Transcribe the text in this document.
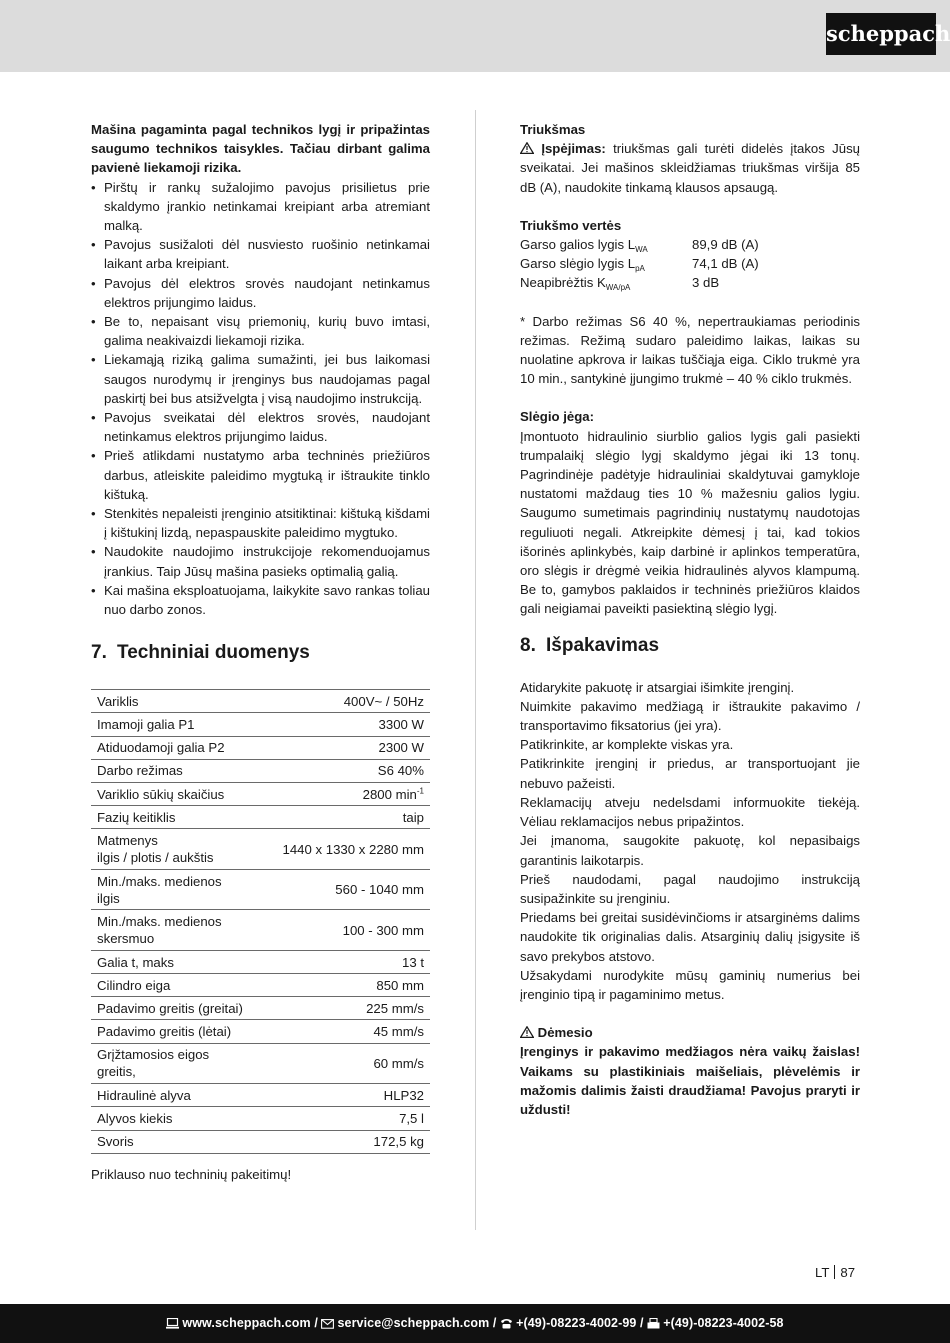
scheppach

Mašina pagaminta pagal technikos lygį ir pripažintas saugumo technikos taisykles. Tačiau dirbant galima pavienė liekamoji rizika.

• Pirštų ir rankų sužalojimo pavojus prisilietus prie skaldymo įrankio netinkamai kreipiant arba atremiant malką.
• Pavojus susižaloti dėl nusviesto ruošinio netinkamai laikant arba kreipiant.
• Pavojus dėl elektros srovės naudojant netinkamus elektros prijungimo laidus.
• Be to, nepaisant visų priemonių, kurių buvo imtasi, galima neakivaizdi liekamoji rizika.
• Liekamąją riziką galima sumažinti, jei bus laikomasi saugos nurodymų ir įrenginys bus naudojamas pagal paskirtį bei bus atsižvelgta į visą naudojimo instrukciją.
• Pavojus sveikatai dėl elektros srovės, naudojant netinkamus elektros prijungimo laidus.
• Prieš atlikdami nustatymo arba techninės priežiūros darbus, atleiskite paleidimo mygtuką ir ištraukite tinklo kištuką.
• Stenkitės nepaleisti įrenginio atsitiktinai: kištuką kišdami į kištukinį lizdą, nepaspauskite paleidimo mygtuko.
• Naudokite naudojimo instrukcijoje rekomenduojamus įrankius. Taip Jūsų mašina pasieks optimalią galią.
• Kai mašina eksploatuojama, laikykite savo rankas toliau nuo darbo zonos.
7. Techniniai duomenys
Variklis	400V~ / 50Hz
Imamoji galia P1	3300 W
Atiduodamoji galia P2	2300 W
Darbo režimas	S6 40%
Variklio sūkių skaičius	2800 $\min^{-1}$
Fazių keitiklis	taip
Matmenys
ilgis / plotis / aukštis	1440 x 1330 x 2280 mm
Min./maks. medienos
ilgis	560 - 1040 mm
Min./maks. medienos
skersmuo	100 - 300 mm
Galia t, maks	13 t
Cilindro eiga	850 mm
Padavimo greitis (greitai)	225 mm/s
Padavimo greitis (lėtai)	45 mm/s
Grįžtamosios eigos
greitis,	60 mm/s
Hidraulinė alyva	HLP32
Alyvos kiekis	7,5 l
Svoris	172,5 kg

Priklauso nuo techninių pakeitimų!

Triukšmas

Įspėjimas: triukšmas gali turėti didelės įtakos Jūsų sveikatai. Jei mašinos skleidžiamas triukšmas viršija 85 dB (A), naudokite tinkamą klausos apsaugą.

Triukšmo vertės

Garso galios lygis $L_{WA}$	89,9 dB (A)
Garso slėgio lygis $L_{pA}$	74,1 dB (A)
Neapibrėžtis $K_{WA/pA}$	3 dB

* Darbo režimas S6 40 %, nepertraukiamas periodinis režimas. Režimą sudaro paleidimo laikas, laikas su nuolatine apkrova ir laikas tuščiąja eiga. Ciklo trukmė yra 10 min., santykinė įjungimo trukmė – 40 % ciklo trukmės.

Slėgio jėga:

Įmontuoto hidraulinio siurblio galios lygis gali pasiekti trumpalaikį slėgio lygį skaldymo jėgai iki 13 tonų. Pagrindinėje padėtyje hidrauliniai skaldytuvai gamykloje nustatomi maždaug ties 10 % mažesniu galios lygiu. Saugumo sumetimais pagrindinių nustatymų naudotojas reguliuoti negali. Atkreipkite dėmesį į tai, kad tokios išorinės aplinkybės, kaip darbinė ir aplinkos temperatūra, oro slėgis ir drėgmė veikia hidraulinės alyvos klampumą. Be to, gamybos paklaidos ir techninės priežiūros klaidos gali neigiamai paveikti pasiektiną slėgio lygį.

8. Išpakavimas

Atidarykite pakuotę ir atsargiai išimkite įrenginį.

Nuimkite pakavimo medžiagą ir ištraukite pakavimo / transportavimo fiksatorius (jei yra).

Patikrinkite, ar komplekte viskas yra.

Patikrinkite įrenginį ir priedus, ar transportuojant jie nebuvo pažeisti.

Reklamacijų atveju nedelsdami informuokite tiekėją. Vėliau reklamacijos nebus pripažintos.

Jei įmanoma, saugokite pakuotę, kol nepasibaigs garantinis laikotarpis.

Prieš naudodami, pagal naudojimo instrukciją susipažinkite su įrenginiu.

Priedams bei greitai susidėvinčioms ir atsarginėms dalims naudokite tik originalias dalis. Atsarginių dalių įsigysite iš savo prekybos atstovo.

Užsakydami nurodykite mūsų gaminių numerius bei įrenginio tipą ir pagaminimo metus.

Dėmesio

Įrenginys ir pakavimo medžiagos nėra vaikų žaislas! Vaikams su plastikiniais maišeliais, plėvelėmis ir mažomis dalimis žaisti draudžiama! Pavojus praryti ir uždusti!

LT 87
www.scheppach.com / service@scheppach.com / +(49)-08223-4002-99 / +(49)-08223-4002-58
